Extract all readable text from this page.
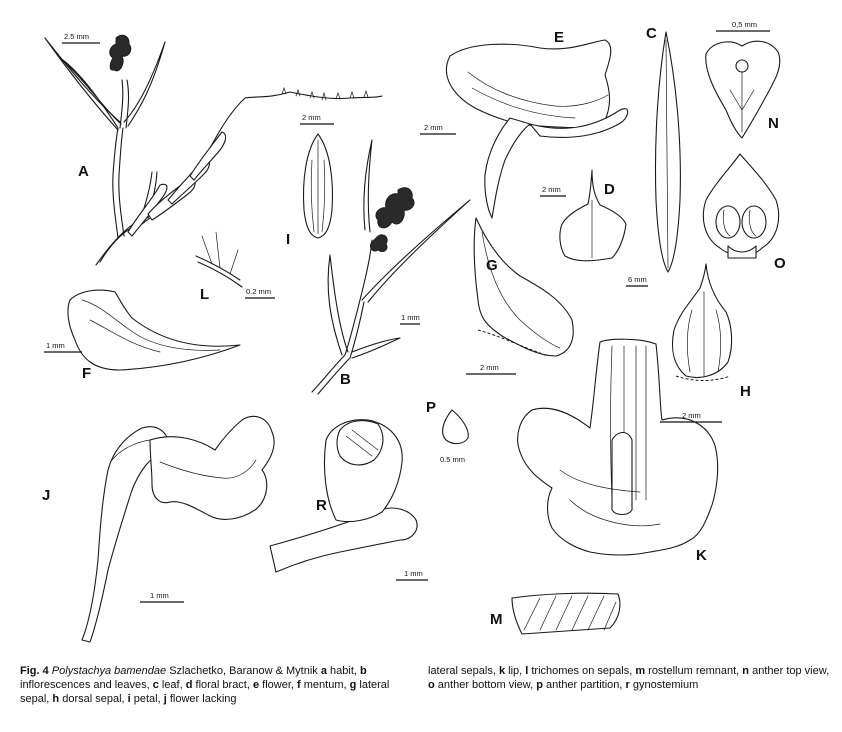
2.5 mm
A
1 mm
B
2 mm
I
L	0.2 mm
1 mm
F
2 mm
E	C
6 mm
2 mm	D
0,5 mm
N
O
G
2 mm
H
1 mm
J
R
1 mm
P
0.5 mm
2 mm
K
M
Fig. 4 Polystachya bamendae Szlachetko, Baranow & Mytnik a habit, b inflorescences and leaves, c leaf, d floral bract, e flower, f mentum, g lateral sepal, h dorsal sepal, i petal, j flower lacking
lateral sepals, k lip, l trichomes on sepals, m rostellum remnant, n anther top view, o anther bottom view, p anther partition, r gynostemium
